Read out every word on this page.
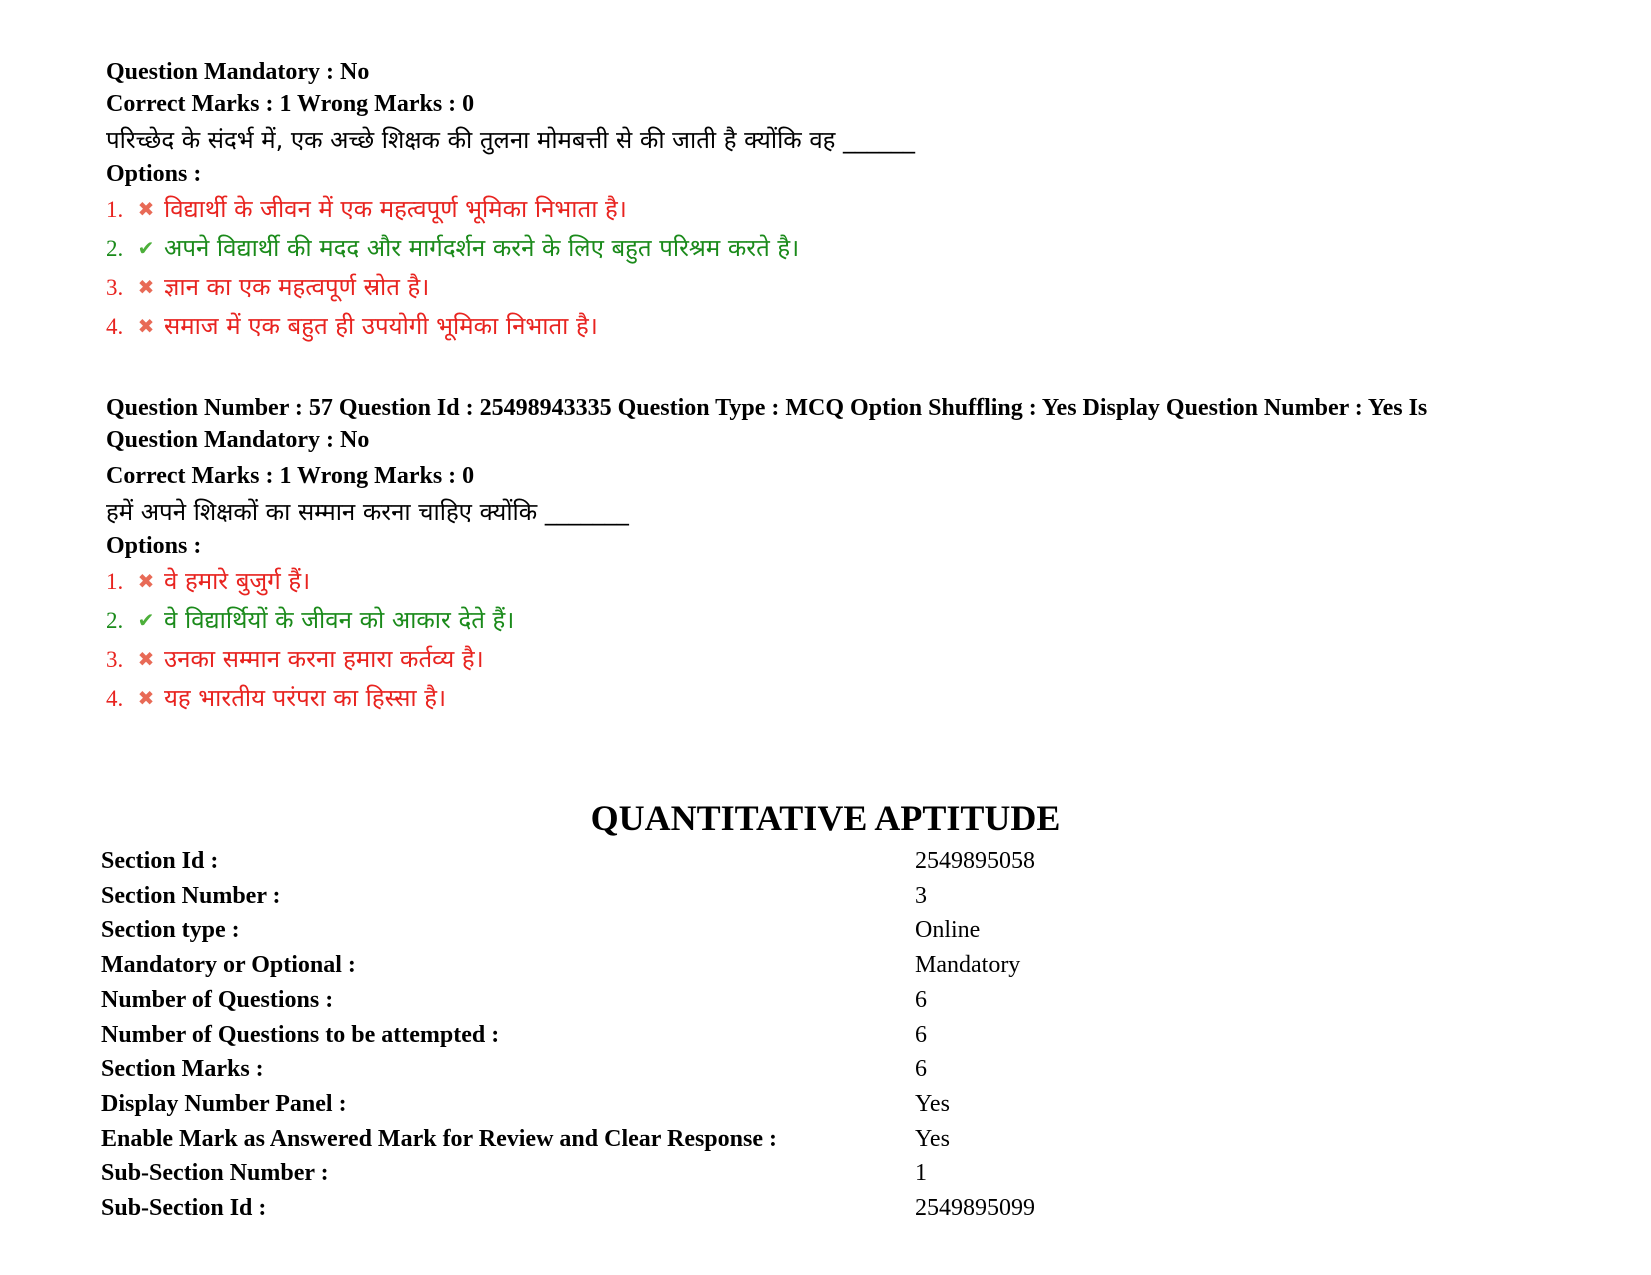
Question Mandatory : No
Correct Marks : 1 Wrong Marks : 0
परिच्छेद के संदर्भ में, एक अच्छे शिक्षक की तुलना मोमबत्ती से की जाती है क्योंकि वह ______
Options :
1. ✖ विद्यार्थी के जीवन में एक महत्वपूर्ण भूमिका निभाता है।
2. ✔ अपने विद्यार्थी की मदद और मार्गदर्शन करने के लिए बहुत परिश्रम करते है।
3. ✖ ज्ञान का एक महत्वपूर्ण स्रोत है।
4. ✖ समाज में एक बहुत ही उपयोगी भूमिका निभाता है।
Question Number : 57 Question Id : 25498943335 Question Type : MCQ Option Shuffling : Yes Display Question Number : Yes Is
Question Mandatory : No
Correct Marks : 1 Wrong Marks : 0
हमें अपने शिक्षकों का सम्मान करना चाहिए क्योंकि _______
Options :
1. ✖ वे हमारे बुजुर्ग हैं।
2. ✔ वे विद्यार्थियों के जीवन को आकार देते हैं।
3. ✖ उनका सम्मान करना हमारा कर्तव्य है।
4. ✖ यह भारतीय परंपरा का हिस्सा है।
QUANTITATIVE APTITUDE
Section Id :	2549895058
Section Number :	3
Section type :	Online
Mandatory or Optional :	Mandatory
Number of Questions :	6
Number of Questions to be attempted :	6
Section Marks :	6
Display Number Panel :	Yes
Enable Mark as Answered Mark for Review and Clear Response :	Yes
Sub-Section Number :	1
Sub-Section Id :	2549895099
